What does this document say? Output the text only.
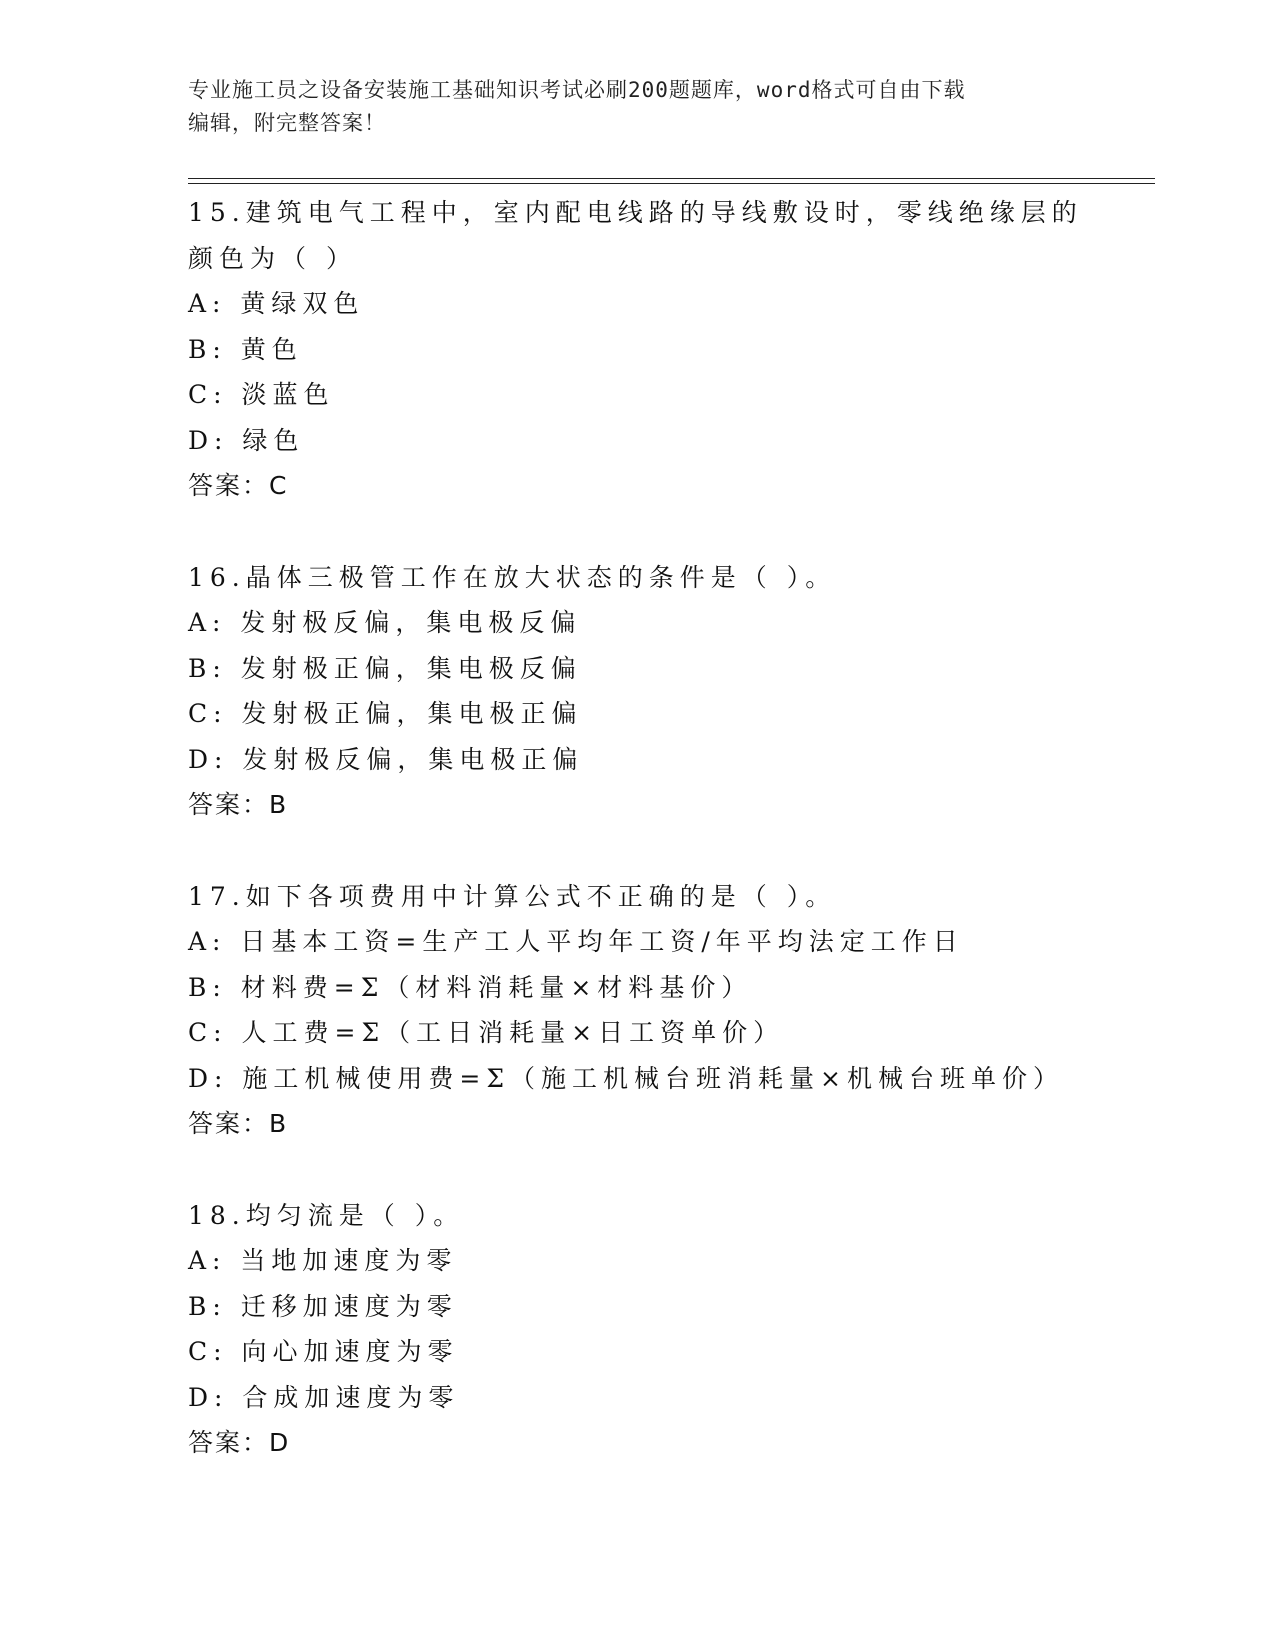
专业施工员之设备安装施工基础知识考试必刷200题题库，word格式可自由下载
编辑，附完整答案！
15.建筑电气工程中，室内配电线路的导线敷设时，零线绝缘层的颜色为（ ）
A: 黄绿双色
B: 黄色
C: 淡蓝色
D: 绿色
答案：C
16.晶体三极管工作在放大状态的条件是（ ）。
A: 发射极反偏，集电极反偏
B: 发射极正偏，集电极反偏
C: 发射极正偏，集电极正偏
D: 发射极反偏，集电极正偏
答案：B
17.如下各项费用中计算公式不正确的是（ ）。
A: 日基本工资=生产工人平均年工资/年平均法定工作日
B: 材料费=Σ（材料消耗量×材料基价）
C: 人工费=Σ（工日消耗量×日工资单价）
D: 施工机械使用费=Σ（施工机械台班消耗量×机械台班单价）
答案：B
18.均匀流是（ ）。
A: 当地加速度为零
B: 迁移加速度为零
C: 向心加速度为零
D: 合成加速度为零
答案：D
